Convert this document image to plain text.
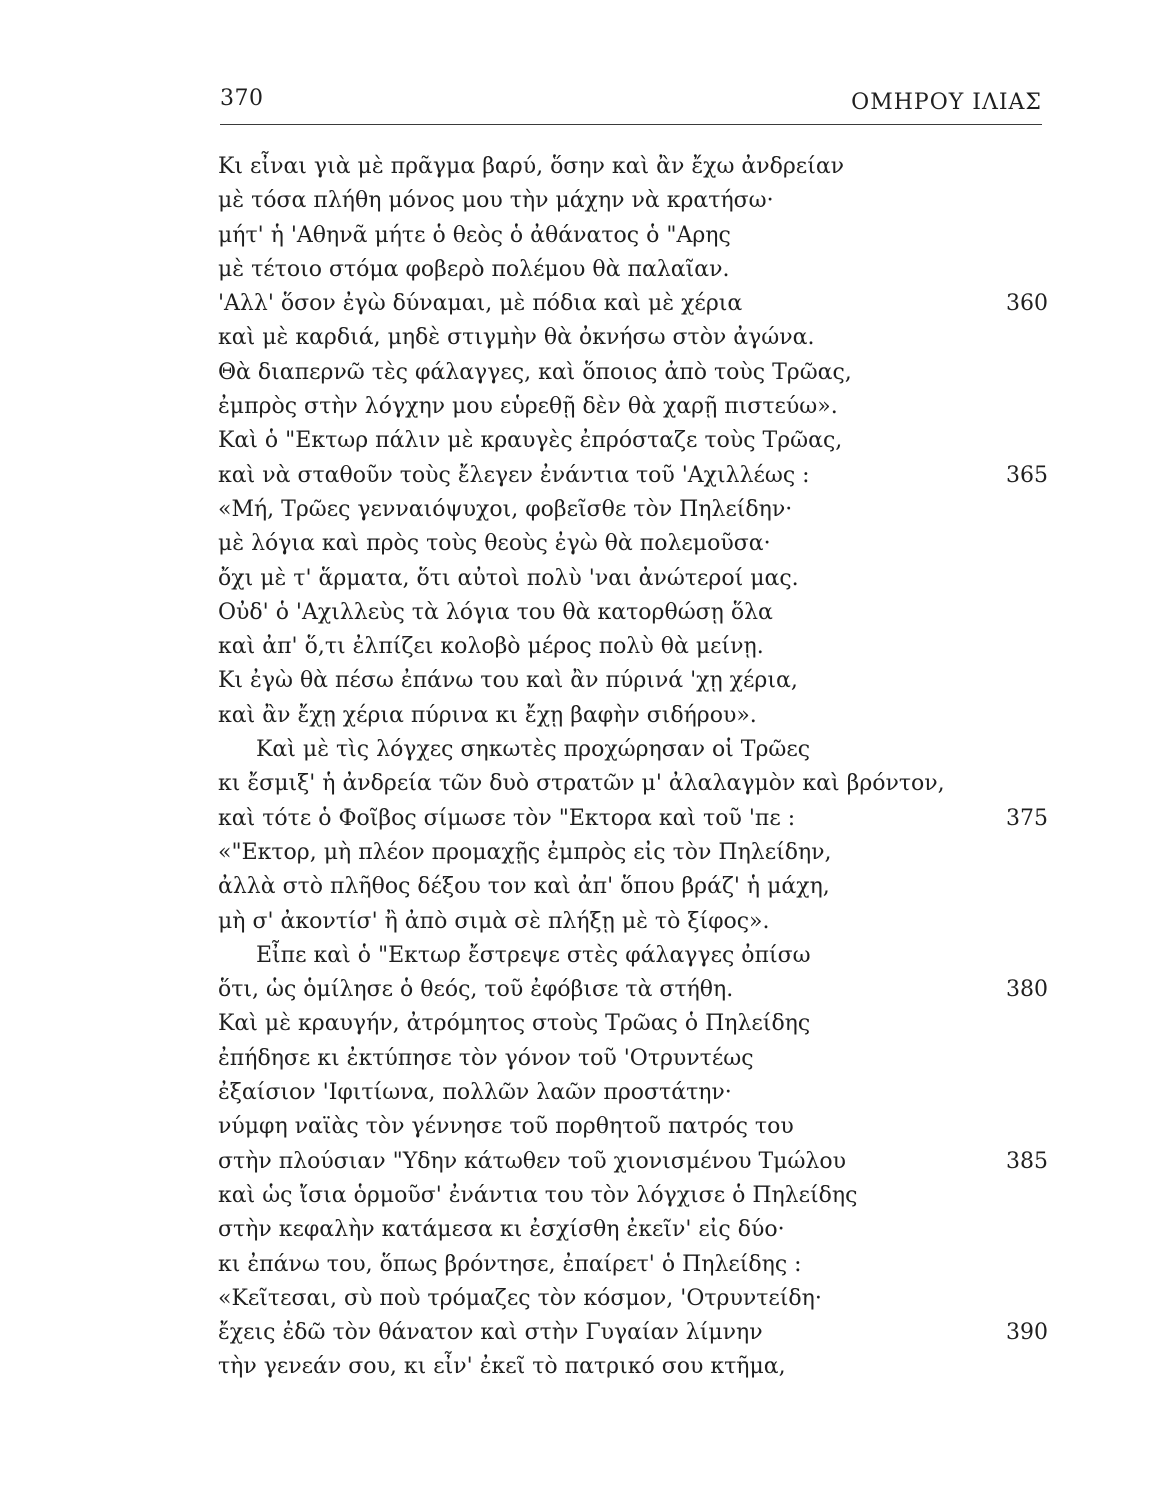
370	ΟΜΗΡΟΥ ΙΛΙΑΣ
Κι εἶναι γιὰ μὲ πρᾶγμα βαρύ, ὅσην καὶ ἂν ἔχω ἀνδρείαν
μὲ τόσα πλήθη μόνος μου τὴν μάχην νὰ κρατήσω·
μήτ' ἡ 'Αθηνᾶ μήτε ὁ θεὸς ὁ ἀθάνατος ὁ "Αρης
μὲ τέτοιο στόμα φοβερὸ πολέμου θὰ παλαῖαν.
'Αλλ' ὅσον ἐγὼ δύναμαι, μὲ πόδια καὶ μὲ χέρια	360
καὶ μὲ καρδιά, μηδὲ στιγμὴν θὰ ὀκνήσω στὸν ἀγώνα.
Θὰ διαπερνῶ τὲς φάλαγγες, καὶ ὅποιος ἀπὸ τοὺς Τρῶας,
ἐμπρὸς στὴν λόγχην μου εὑρεθῇ δὲν θὰ χαρῇ πιστεύω».
Καὶ ὁ "Εκτωρ πάλιν μὲ κραυγὲς ἐπρόσταζε τοὺς Τρῶας,
καὶ νὰ σταθοῦν τοὺς ἔλεγεν ἐνάντια τοῦ 'Αχιλλέως :	365
«Μή, Τρῶες γενναιόψυχοι, φοβεῖσθε τὸν Πηλείδην·
μὲ λόγια καὶ πρὸς τοὺς θεοὺς ἐγὼ θὰ πολεμοῦσα·
ὄχι μὲ τ' ἅρματα, ὅτι αὐτοὶ πολὺ 'ναι ἀνώτεροί μας.
Οὐδ' ὁ 'Αχιλλεὺς τὰ λόγια του θὰ κατορθώσῃ ὅλα
καὶ ἀπ' ὅ,τι ἐλπίζει κολοβὸ μέρος πολὺ θὰ μείνῃ.
Κι ἐγὼ θὰ πέσω ἐπάνω του καὶ ἂν πύρινά 'χῃ χέρια,
καὶ ἂν ἔχῃ χέρια πύρινα κι ἔχῃ βαφὴν σιδήρου».
Καὶ μὲ τὶς λόγχες σηκωτὲς προχώρησαν οἱ Τρῶες
κι ἔσμιξ' ἡ ἀνδρεία τῶν δυὸ στρατῶν μ' ἀλαλαγμὸν καὶ βρόντον,
καὶ τότε ὁ Φοῖβος σίμωσε τὸν "Εκτορα καὶ τοῦ 'πε :	375
«"Εκτορ, μὴ πλέον προμαχῇς ἐμπρὸς εἰς τὸν Πηλείδην,
ἀλλὰ στὸ πλῆθος δέξου τον καὶ ἀπ' ὅπου βράζ' ἡ μάχη,
μὴ σ' ἀκοντίσ' ἢ ἀπὸ σιμὰ σὲ πλήξῃ μὲ τὸ ξίφος».
Εἶπε καὶ ὁ "Εκτωρ ἔστρεψε στὲς φάλαγγες ὀπίσω
ὅτι, ὡς ὁμίλησε ὁ θεός, τοῦ ἐφόβισε τὰ στήθη.	380
Καὶ μὲ κραυγήν, ἀτρόμητος στοὺς Τρῶας ὁ Πηλείδης
ἐπήδησε κι ἐκτύπησε τὸν γόνον τοῦ 'Οτρυντέως
ἐξαίσιον 'Ιφιτίωνα, πολλῶν λαῶν προστάτην·
νύμφη ναϊὰς τὸν γέννησε τοῦ πορθητοῦ πατρός του
στὴν πλούσιαν "Υδην κάτωθεν τοῦ χιονισμένου Τμώλου	385
καὶ ὡς ἴσια ὁρμοῦσ' ἐνάντια του τὸν λόγχισε ὁ Πηλείδης
στὴν κεφαλὴν κατάμεσα κι ἐσχίσθη ἐκεῖν' εἰς δύο·
κι ἐπάνω του, ὅπως βρόντησε, ἐπαίρετ' ὁ Πηλείδης :
«Κεῖτεσαι, σὺ ποὺ τρόμαζες τὸν κόσμον, 'Οτρυντείδη·
ἔχεις ἐδῶ τὸν θάνατον καὶ στὴν Γυγαίαν λίμνην	390
τὴν γενεάν σου, κι εἶν' ἐκεῖ τὸ πατρικό σου κτῆμα,
